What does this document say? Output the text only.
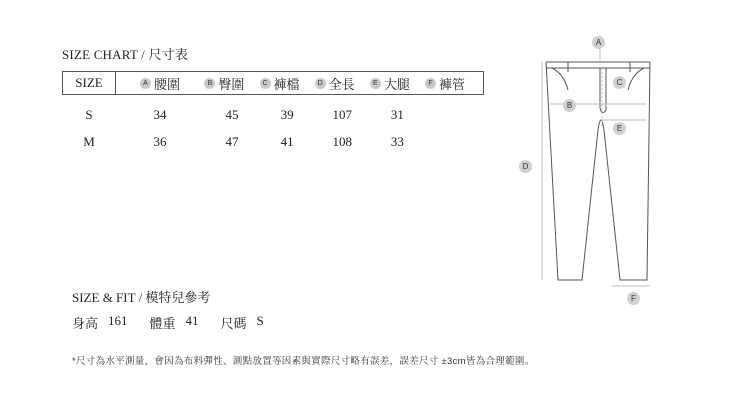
SIZE CHART / 尺寸表
SIZE	A 腰圍	B 臀圍	C 褲檔	D 全長	E 大腿	F 褲管

S	34	45	39	107	31	
M	36	47	41	108	33	
SIZE & FIT / 模特兒參考
身高 161 體重 41 尺碼 S
*尺寸為水平測量，會因為布料彈性、測點放置等因素與實際尺寸略有誤差，誤差尺寸 ±3cm皆為合理範圍。
A
B
C
D
E
F
